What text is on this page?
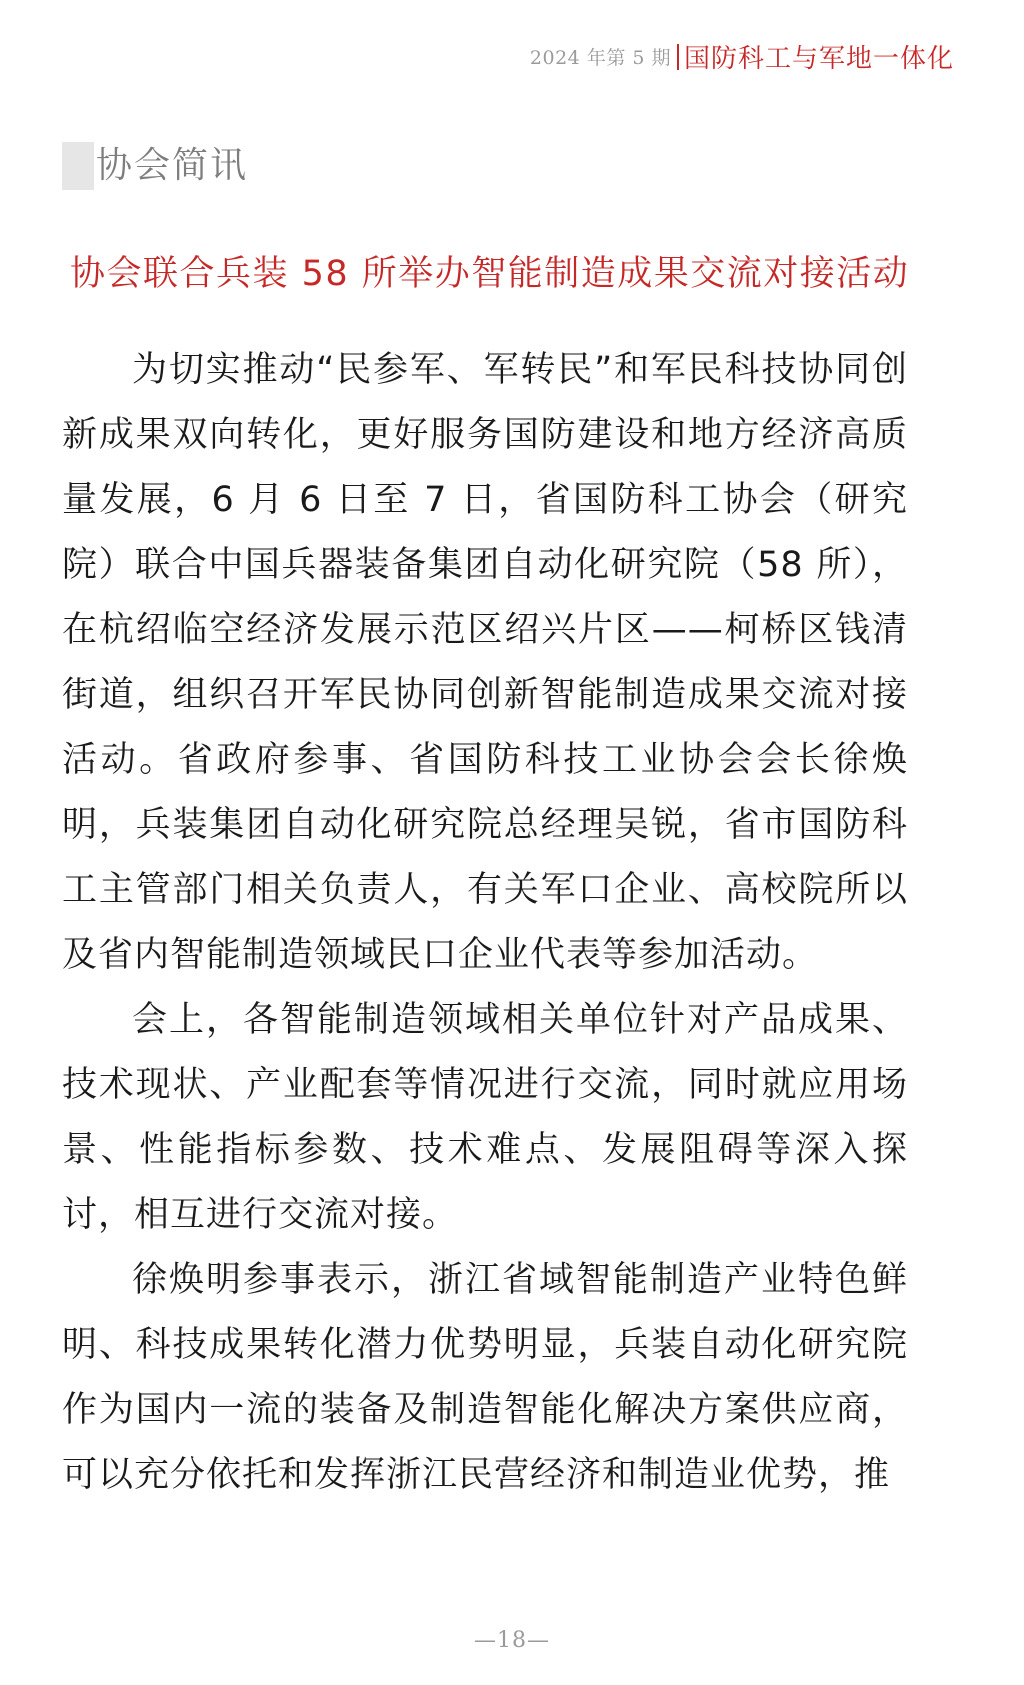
2024 年第 5 期 国防科工与军地一体化
协会简讯
协会联合兵装 58 所举办智能制造成果交流对接活动

为切实推动“民参军、军转民”和军民科技协同创新成果双向转化，更好服务国防建设和地方经济高质量发展，6 月 6 日至 7 日，省国防科工协会（研究院）联合中国兵器装备集团自动化研究院（58 所），在杭绍临空经济发展示范区绍兴片区——柯桥区钱清街道，组织召开军民协同创新智能制造成果交流对接活动。省政府参事、省国防科技工业协会会长徐焕明，兵装集团自动化研究院总经理吴锐，省市国防科工主管部门相关负责人，有关军口企业、高校院所以及省内智能制造领域民口企业代表等参加活动。

会上，各智能制造领域相关单位针对产品成果、技术现状、产业配套等情况进行交流，同时就应用场景、性能指标参数、技术难点、发展阻碍等深入探讨，相互进行交流对接。

徐焕明参事表示，浙江省域智能制造产业特色鲜明、科技成果转化潜力优势明显，兵装自动化研究院作为国内一流的装备及制造智能化解决方案供应商，可以充分依托和发挥浙江民营经济和制造业优势，推

—18—
